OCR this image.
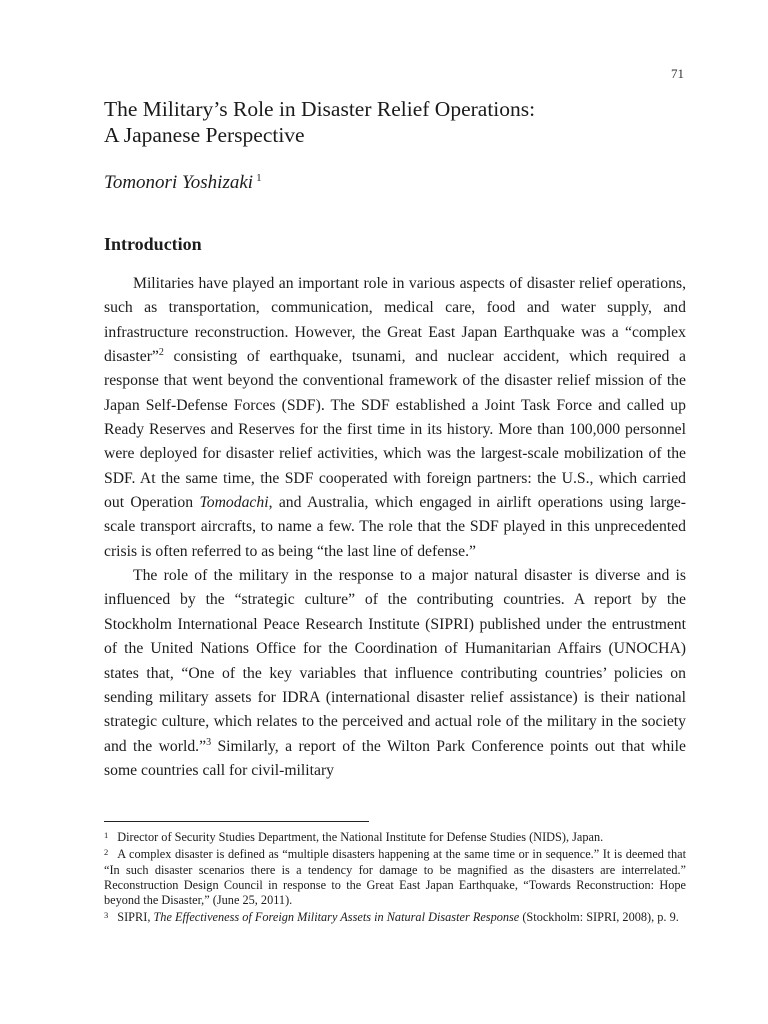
71
The Military’s Role in Disaster Relief Operations:
A Japanese Perspective

Tomonori Yoshizaki $^1$

Introduction

Militaries have played an important role in various aspects of disaster relief operations, such as transportation, communication, medical care, food and water supply, and infrastructure reconstruction. However, the Great East Japan Earthquake was a “complex disaster”$^2$ consisting of earthquake, tsunami, and nuclear accident, which required a response that went beyond the conventional framework of the disaster relief mission of the Japan Self-Defense Forces (SDF). The SDF established a Joint Task Force and called up Ready Reserves and Reserves for the first time in its history. More than 100,000 personnel were deployed for disaster relief activities, which was the largest-scale mobilization of the SDF. At the same time, the SDF cooperated with foreign partners: the U.S., which carried out Operation Tomodachi, and Australia, which engaged in airlift operations using large-scale transport aircrafts, to name a few. The role that the SDF played in this unprecedented crisis is often referred to as being “the last line of defense.”

The role of the military in the response to a major natural disaster is diverse and is influenced by the “strategic culture” of the contributing countries. A report by the Stockholm International Peace Research Institute (SIPRI) published under the entrustment of the United Nations Office for the Coordination of Humanitarian Affairs (UNOCHA) states that, “One of the key variables that influence contributing countries’ policies on sending military assets for IDRA (international disaster relief assistance) is their national strategic culture, which relates to the perceived and actual role of the military in the society and the world.”$^3$ Similarly, a report of the Wilton Park Conference points out that while some countries call for civil-military

$^1$ Director of Security Studies Department, the National Institute for Defense Studies (NIDS), Japan.

$^2$ A complex disaster is defined as “multiple disasters happening at the same time or in sequence.” It is deemed that “In such disaster scenarios there is a tendency for damage to be magnified as the disasters are interrelated.” Reconstruction Design Council in response to the Great East Japan Earthquake, “Towards Reconstruction: Hope beyond the Disaster,” (June 25, 2011).

$^3$ SIPRI, The Effectiveness of Foreign Military Assets in Natural Disaster Response (Stockholm: SIPRI, 2008), p. 9.
